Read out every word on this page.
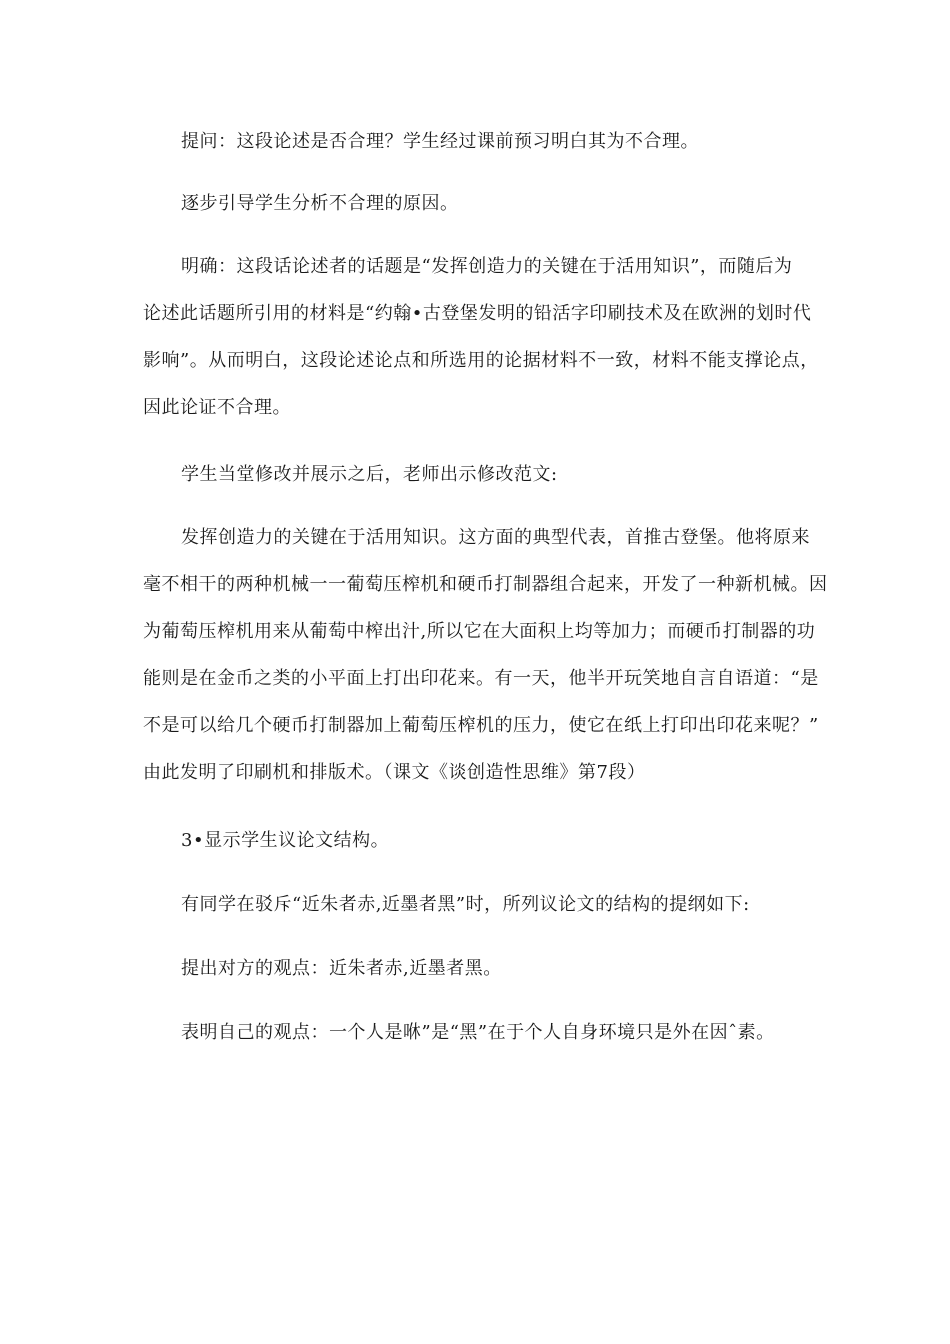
提问：这段论述是否合理？学生经过课前预习明白其为不合理。
逐步引导学生分析不合理的原因。
明确：这段话论述者的话题是“发挥创造力的关键在于活用知识”，而随后为
论述此话题所引用的材料是“约翰•古登堡发明的铅活字印刷技术及在欧洲的划时代
影响”。从而明白，这段论述论点和所选用的论据材料不一致，材料不能支撑论点，
因此论证不合理。
学生当堂修改并展示之后，老师出示修改范文:
发挥创造力的关键在于活用知识。这方面的典型代表，首推古登堡。他将原来
毫不相干的两种机械一一葡萄压榨机和硬币打制器组合起来，开发了一种新机械。因
为葡萄压榨机用来从葡萄中榨出汁,所以它在大面积上均等加力；而硬币打制器的功
能则是在金币之类的小平面上打出印花来。有一天，他半开玩笑地自言自语道：“是
不是可以给几个硬币打制器加上葡萄压榨机的压力，使它在纸上打印出印花来呢？”
由此发明了印刷机和排版术。（课文《谈创造性思维》第7段）
3•显示学生议论文结构。
有同学在驳斥“近朱者赤,近墨者黑”时，所列议论文的结构的提纲如下:
提出对方的观点：近朱者赤,近墨者黑。
表明自己的观点：一个人是咻”是“黑”在于个人自身环境只是外在因ˆ素。
